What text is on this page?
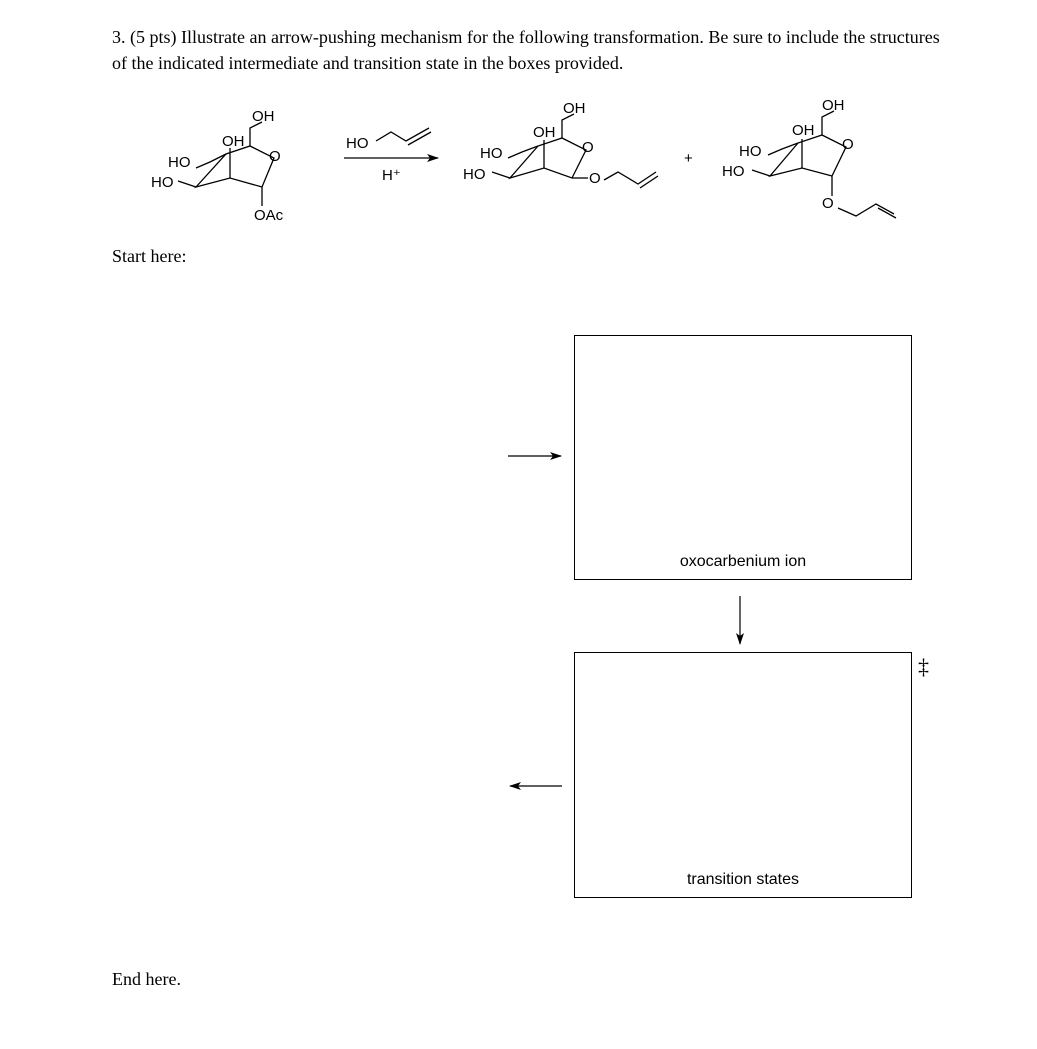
3. (5 pts) Illustrate an arrow-pushing mechanism for the following transformation. Be sure to include the structures of the indicated intermediate and transition state in the boxes provided.

OH
OH
HO
HO
O
OAc
HO
H⁺
OH
OH
HO
HO
O
O
+
OH
OH
HO
HO
O
O
Start here:
oxocarbenium ion
transition states
‡
End here.
